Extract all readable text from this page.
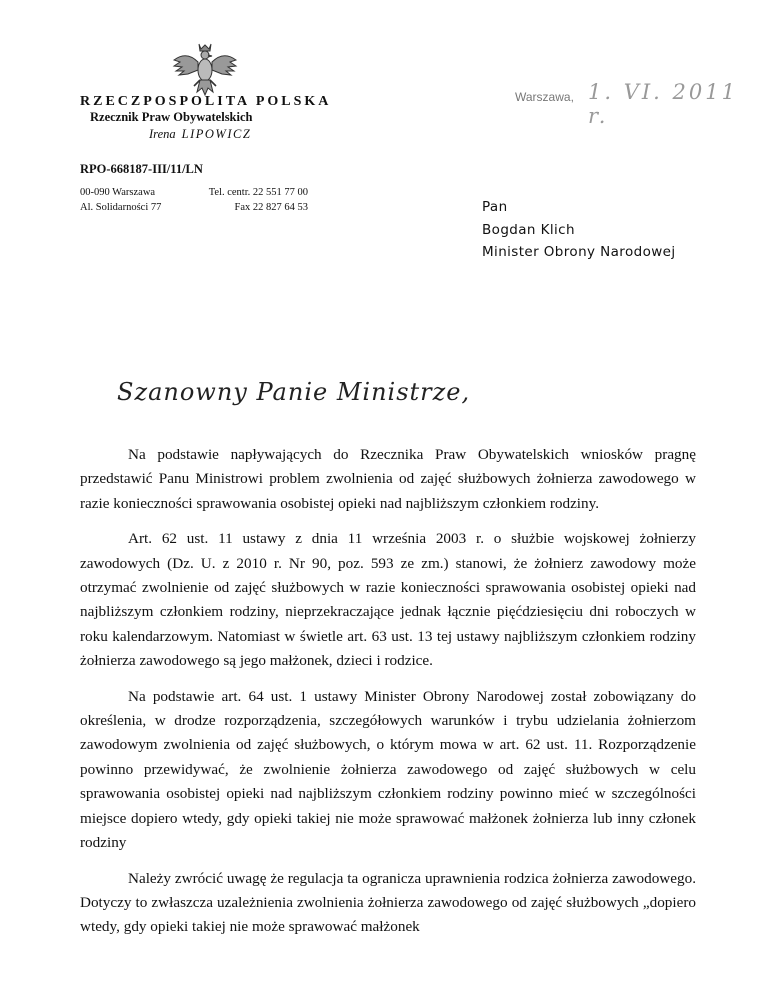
RZECZPOSPOLITA POLSKA
Rzecznik Praw Obywatelskich
Irena LIPOWICZ
RPO-668187-III/11/LN
00-090 Warszawa
Al. Solidarności 77
Tel. centr. 22 551 77 00
Fax 22 827 64 53
Warszawa, 1. VI. 2011 r.
Pan
Bogdan Klich
Minister Obrony Narodowej
Szanowny Panie Ministrze,

Na podstawie napływających do Rzecznika Praw Obywatelskich wniosków pragnę przedstawić Panu Ministrowi problem zwolnienia od zajęć służbowych żołnierza zawodowego w razie konieczności sprawowania osobistej opieki nad najbliższym członkiem rodziny.

Art. 62 ust. 11 ustawy z dnia 11 września 2003 r. o służbie wojskowej żołnierzy zawodowych (Dz. U. z 2010 r. Nr 90, poz. 593 ze zm.) stanowi, że żołnierz zawodowy może otrzymać zwolnienie od zajęć służbowych w razie konieczności sprawowania osobistej opieki nad najbliższym członkiem rodziny, nieprzekraczające jednak łącznie pięćdziesięciu dni roboczych w roku kalendarzowym. Natomiast w świetle art. 63 ust. 13 tej ustawy najbliższym członkiem rodziny żołnierza zawodowego są jego małżonek, dzieci i rodzice.

Na podstawie art. 64 ust. 1 ustawy Minister Obrony Narodowej został zobowiązany do określenia, w drodze rozporządzenia, szczegółowych warunków i trybu udzielania żołnierzom zawodowym zwolnienia od zajęć służbowych, o którym mowa w art. 62 ust. 11. Rozporządzenie powinno przewidywać, że zwolnienie żołnierza zawodowego od zajęć służbowych w celu sprawowania osobistej opieki nad najbliższym członkiem rodziny powinno mieć w szczególności miejsce dopiero wtedy, gdy opieki takiej nie może sprawować małżonek żołnierza lub inny członek rodziny

Należy zwrócić uwagę że regulacja ta ogranicza uprawnienia rodzica żołnierza zawodowego. Dotyczy to zwłaszcza uzależnienia zwolnienia żołnierza zawodowego od zajęć służbowych „dopiero wtedy, gdy opieki takiej nie może sprawować małżonek
